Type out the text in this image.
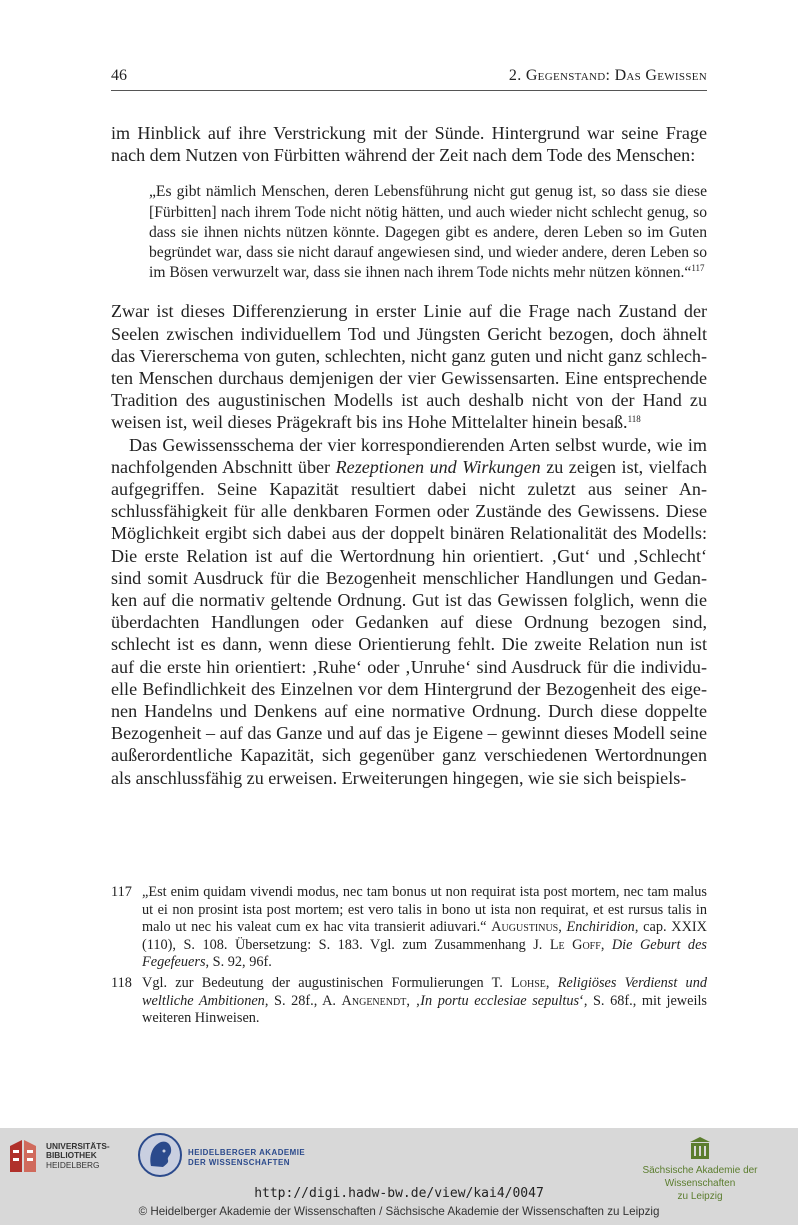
46	2. Gegenstand: Das Gewissen

im Hinblick auf ihre Verstrickung mit der Sünde. Hintergrund war seine Frage nach dem Nutzen von Fürbitten während der Zeit nach dem Tode des Menschen:

„Es gibt nämlich Menschen, deren Lebensführung nicht gut genug ist, so dass sie diese [Fürbitten] nach ihrem Tode nicht nötig hätten, und auch wieder nicht schlecht genug, so dass sie ihnen nichts nützen könnte. Dagegen gibt es andere, deren Leben so im Guten begründet war, dass sie nicht darauf angewiesen sind, und wieder andere, deren Leben so im Bösen verwurzelt war, dass sie ihnen nach ihrem Tode nichts mehr nützen können.“$^{117}$

Zwar ist dieses Differenzierung in erster Linie auf die Frage nach Zustand der Seelen zwischen individuellem Tod und Jüngsten Gericht bezogen, doch ähnelt das Viererschema von guten, schlechten, nicht ganz guten und nicht ganz schlechten Menschen durchaus demjenigen der vier Gewissensarten. Eine entsprechende Tradition des augustinischen Modells ist auch deshalb nicht von der Hand zu weisen ist, weil dieses Prägekraft bis ins Hohe Mittelalter hinein besaß.$^{118}$

Das Gewissensschema der vier korrespondierenden Arten selbst wurde, wie im nachfolgenden Abschnitt über Rezeptionen und Wirkungen zu zeigen ist, vielfach aufgegriffen. Seine Kapazität resultiert dabei nicht zuletzt aus seiner Anschlussfähigkeit für alle denkbaren Formen oder Zustände des Gewissens. Diese Möglichkeit ergibt sich dabei aus der doppelt binären Relationalität des Modells: Die erste Relation ist auf die Wertordnung hin orientiert. ‚Gut‘ und ‚Schlecht‘ sind somit Ausdruck für die Bezogenheit menschlicher Handlungen und Gedanken auf die normativ geltende Ordnung. Gut ist das Gewissen folglich, wenn die überdachten Handlungen oder Gedanken auf diese Ordnung bezogen sind, schlecht ist es dann, wenn diese Orientierung fehlt. Die zweite Relation nun ist auf die erste hin orientiert: ‚Ruhe‘ oder ‚Unruhe‘ sind Ausdruck für die individuelle Befindlichkeit des Einzelnen vor dem Hintergrund der Bezogenheit des eigenen Handelns und Denkens auf eine normative Ordnung. Durch diese doppelte Bezogenheit – auf das Ganze und auf das je Eigene – gewinnt dieses Modell seine außerordentliche Kapazität, sich gegenüber ganz verschiedenen Wertordnungen als anschlussfähig zu erweisen. Erweiterungen hingegen, wie sie sich beispiels-

117 „Est enim quidam vivendi modus, nec tam bonus ut non requirat ista post mortem, nec tam malus ut ei non prosint ista post mortem; est vero talis in bono ut ista non requirat, et est rursus talis in malo ut nec his valeat cum ex hac vita transierit adiuvari.“ Augustinus, Enchiridion, cap. XXIX (110), S. 108. Übersetzung: S. 183. Vgl. zum Zusammenhang J. Le Goff, Die Geburt des Fegefeuers, S. 92, 96f.
118 Vgl. zur Bedeutung der augustinischen Formulierungen T. Lohse, Religiöses Verdienst und weltliche Ambitionen, S. 28f., A. Angenendt, ‚In portu ecclesiae sepultus‘, S. 68f., mit jeweils weiteren Hinweisen.
UNIVERSITÄTS-
BIBLIOTHEK
HEIDELBERG
HEIDELBERGER AKADEMIE
DER WISSENSCHAFTEN
Sächsische Akademie der Wissenschaften
zu Leipzig
http://digi.hadw-bw.de/view/kai4/0047
© Heidelberger Akademie der Wissenschaften / Sächsische Akademie der Wissenschaften zu Leipzig
